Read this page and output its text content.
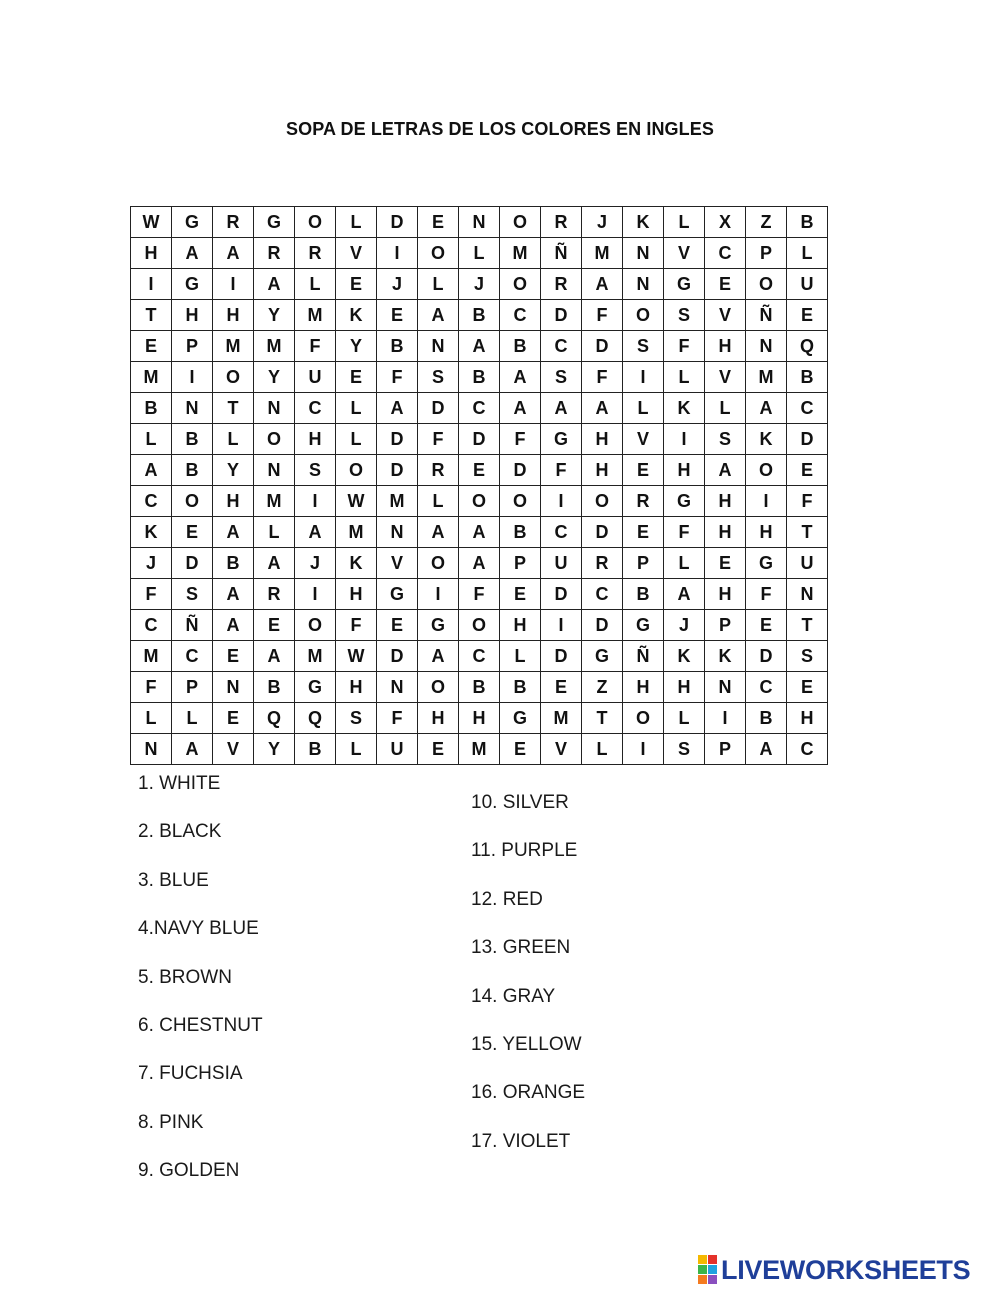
SOPA DE LETRAS DE LOS COLORES EN INGLES
W	G	R	G	O	L	D	E	N	O	R	J	K	L	X	Z	B
H	A	A	R	R	V	I	O	L	M	Ñ	M	N	V	C	P	L
I	G	I	A	L	E	J	L	J	O	R	A	N	G	E	O	U
T	H	H	Y	M	K	E	A	B	C	D	F	O	S	V	Ñ	E
E	P	M	M	F	Y	B	N	A	B	C	D	S	F	H	N	Q
M	I	O	Y	U	E	F	S	B	A	S	F	I	L	V	M	B
B	N	T	N	C	L	A	D	C	A	A	A	L	K	L	A	C
L	B	L	O	H	L	D	F	D	F	G	H	V	I	S	K	D
A	B	Y	N	S	O	D	R	E	D	F	H	E	H	A	O	E
C	O	H	M	I	W	M	L	O	O	I	O	R	G	H	I	F
K	E	A	L	A	M	N	A	A	B	C	D	E	F	H	H	T
J	D	B	A	J	K	V	O	A	P	U	R	P	L	E	G	U
F	S	A	R	I	H	G	I	F	E	D	C	B	A	H	F	N
C	Ñ	A	E	O	F	E	G	O	H	I	D	G	J	P	E	T
M	C	E	A	M	W	D	A	C	L	D	G	Ñ	K	K	D	S
F	P	N	B	G	H	N	O	B	B	E	Z	H	H	N	C	E
L	L	E	Q	Q	S	F	H	H	G	M	T	O	L	I	B	H
N	A	V	Y	B	L	U	E	M	E	V	L	I	S	P	A	C
1. WHITE
2. BLACK
3. BLUE
4.NAVY BLUE
5. BROWN
6. CHESTNUT
7. FUCHSIA
8. PINK
9. GOLDEN
10. SILVER
11. PURPLE
12. RED
13. GREEN
14. GRAY
15. YELLOW
16. ORANGE
17. VIOLET
LIVEWORKSHEETS
